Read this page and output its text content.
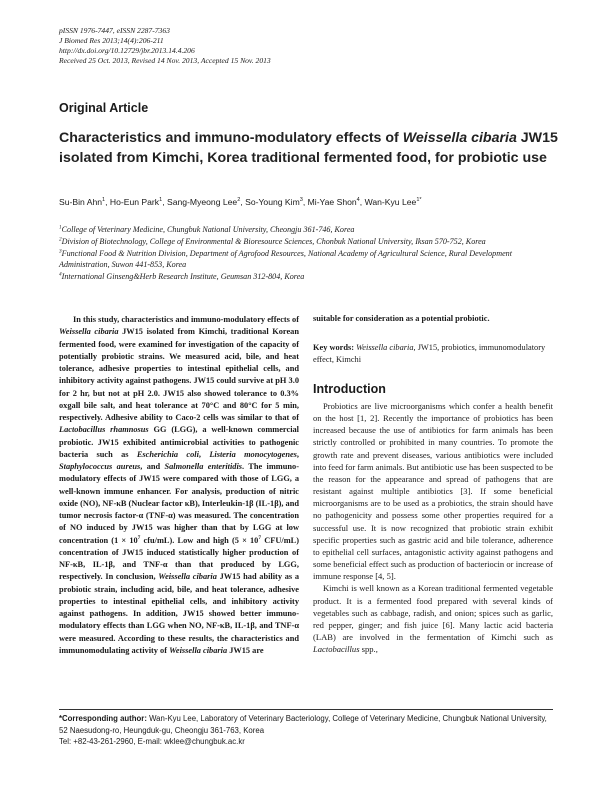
pISSN 1976-7447, eISSN 2287-7363
J Biomed Res 2013;14(4):206-211
http://dx.doi.org/10.12729/jbr.2013.14.4.206
Received 25 Oct. 2013, Revised 14 Nov. 2013, Accepted 15 Nov. 2013
Original Article
Characteristics and immuno-modulatory effects of Weissella cibaria JW15 isolated from Kimchi, Korea traditional fermented food, for probiotic use
Su-Bin Ahn$^1$, Ho-Eun Park$^1$, Sang-Myeong Lee$^2$, So-Young Kim$^3$, Mi-Yae Shon$^4$, Wan-Kyu Lee$^{1*}$

$^1$College of Veterinary Medicine, Chungbuk National University, Cheongju 361-746, Korea

$^2$Division of Biotechnology, College of Environmental & Bioresource Sciences, Chonbuk National University, Iksan 570-752, Korea

$^3$Functional Food & Nutrition Division, Department of Agrofood Resources, National Academy of Agricultural Science, Rural Development Administration, Suwon 441-853, Korea

$^4$International Ginseng&Herb Research Institute, Geumsan 312-804, Korea

In this study, characteristics and immuno-modulatory effects of Weissella cibaria JW15 isolated from Kimchi, traditional Korean fermented food, were examined for investigation of the capacity of potentially probiotic strains. We measured acid, bile, and heat tolerance, adhesive properties to intestinal epithelial cells, and inhibitory activity against pathogens. JW15 could survive at pH 3.0 for 2 hr, but not at pH 2.0. JW15 also showed tolerance to 0.3% oxgall bile salt, and heat tolerance at 70°C and 80°C for 5 min, respectively. Adhesive ability to Caco-2 cells was similar to that of Lactobacillus rhamnosus GG (LGG), a well-known commercial probiotic. JW15 exhibited antimicrobial activities to pathogenic bacteria such as Escherichia coli, Listeria monocytogenes, Staphylococcus aureus, and Salmonella enteritidis. The immuno-modulatory effects of JW15 were compared with those of LGG, a well-known immune enhancer. For analysis, production of nitric oxide (NO), NF-κB (Nuclear factor κB), Interleukin-1β (IL-1β), and tumor necrosis factor-α (TNF-α) was measured. The concentration of NO induced by JW15 was higher than that by LGG at low concentration ($1 \times 10^7$ cfu/mL). Low and high ($5 \times 10^7$ CFU/mL) concentration of JW15 induced statistically higher production of NF-κB, IL-1β, and TNF-α than that produced by LGG, respectively. In conclusion, Weissella cibaria JW15 had ability as a probiotic strain, including acid, bile, and heat tolerance, adhesive properties to intestinal epithelial cells, and inhibitory activity against pathogens. In addition, JW15 showed better immuno-modulatory effects than LGG when NO, NF-κB, IL-1β, and TNF-α were measured. According to these results, the characteristics and immunomodulating activity of Weissella cibaria JW15 are

suitable for consideration as a potential probiotic.
Key words: Weissella cibaria, JW15, probiotics, immunomodulatory effect, Kimchi
Introduction

Probiotics are live microorganisms which confer a health benefit on the host [1, 2]. Recently the importance of probiotics has been increased because the use of antibiotics for farm animals has been strictly controlled or prohibited in many countries. To promote the growth rate and prevent diseases, various antibiotics were included into feed for farm animals. But antibiotic use has been suspected to be the reason for the appearance and spread of pathogens that are resistant against multiple antibiotics [3]. If some beneficial microorganisms are to be used as a probiotics, the strain should have no pathogenicity and possess some other properties required for a successful use. It is now recognized that probiotic strain exhibit specific properties such as gastric acid and bile tolerance, adherence to epithelial cell surfaces, antagonistic activity against pathogens and some beneficial effect such as production of bacteriocin or increase of immune response [4, 5].

Kimchi is well known as a Korean traditional fermented vegetable product. It is a fermented food prepared with several kinds of vegetables such as cabbage, radish, and onion; spices such as garlic, red pepper, ginger; and fish juice [6]. Many lactic acid bacteria (LAB) are involved in the fermentation of Kimchi such as Lactobacillus spp.,

*Corresponding author: Wan-Kyu Lee, Laboratory of Veterinary Bacteriology, College of Veterinary Medicine, Chungbuk National University, 52 Naesudong-ro, Heungduk-gu, Cheongju 361-763, Korea

Tel: +82-43-261-2960, E-mail: wklee@chungbuk.ac.kr
